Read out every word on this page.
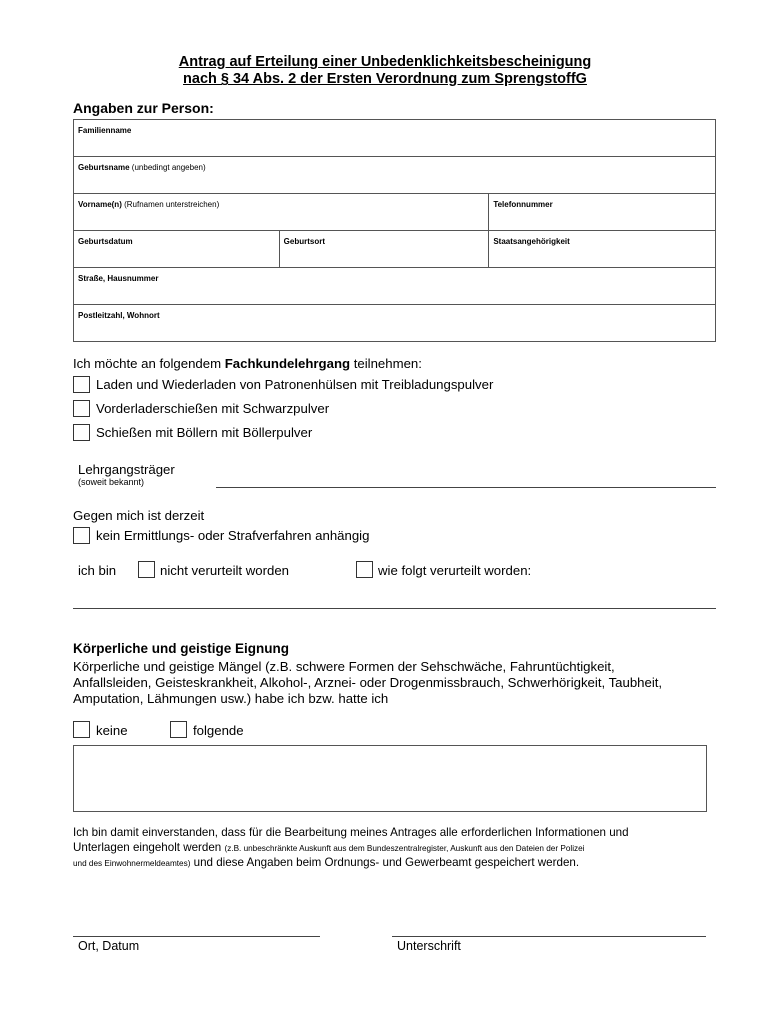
Antrag auf Erteilung einer Unbedenklichkeitsbescheinigung
nach § 34 Abs. 2 der Ersten Verordnung zum SprengstoffG
Angaben zur Person:
Familienname		

Geburtsname (unbedingt angeben)		

Vorname(n) (Rufnamen unterstreichen)		Telefonnummer

Geburtsdatum	Geburtsort	Staatsangehörigkeit

Straße, Hausnummer		

Postleitzahl, Wohnort		
Ich möchte an folgendem Fachkundelehrgang teilnehmen:
Laden und Wiederladen von Patronenhülsen mit Treibladungspulver
Vorderladerschießen mit Schwarzpulver
Schießen mit Böllern mit Böllerpulver
Lehrgangsträger
(soweit bekannt)
Gegen mich ist derzeit
kein Ermittlungs- oder Strafverfahren anhängig
ich bin	nicht verurteilt worden	wie folgt verurteilt worden:
Körperliche und geistige Eignung
Körperliche und geistige Mängel (z.B. schwere Formen der Sehschwäche, Fahruntüchtigkeit,
Anfallsleiden, Geisteskrankheit, Alkohol-, Arznei- oder Drogenmissbrauch, Schwerhörigkeit, Taubheit,
Amputation, Lähmungen usw.) habe ich bzw. hatte ich
keine	folgende
Ich bin damit einverstanden, dass für die Bearbeitung meines Antrages alle erforderlichen Informationen und
Unterlagen eingeholt werden (z.B. unbeschränkte Auskunft aus dem Bundeszentralregister, Auskunft aus den Dateien der Polizei
und des Einwohnermeldeamtes) und diese Angaben beim Ordnungs- und Gewerbeamt gespeichert werden.
Ort, Datum	Unterschrift
